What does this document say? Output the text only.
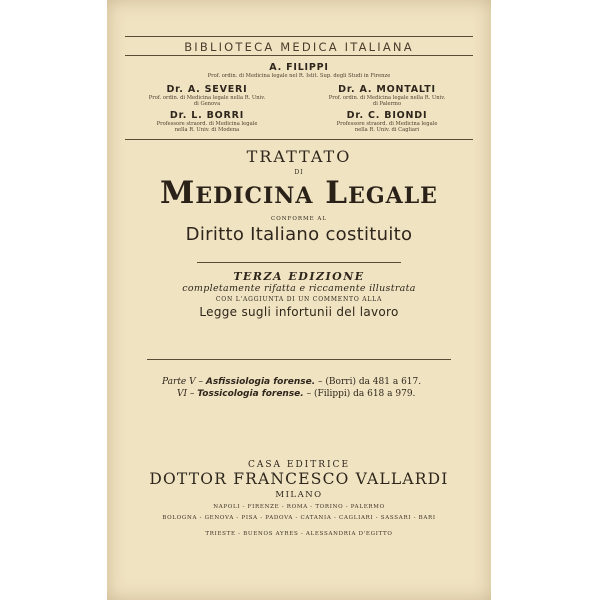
BIBLIOTECA MEDICA ITALIANA
A. FILIPPI
Prof. ordin. di Medicina legale nel R. Istit. Sup. degli Studi in Firenze
Dr. A. SEVERI
Prof. ordin. di Medicina legale nella R. Univ.
di Genova
Dr. A. MONTALTI
Prof. ordin. di Medicina legale nella R. Univ.
di Palermo
Dr. L. BORRI
Professore straord. di Medicina legale
nella R. Univ. di Modena
Dr. C. BIONDI
Professore straord. di Medicina legale
nella R. Univ. di Cagliari
TRATTATO
DI
Medicina Legale
CONFORME AL
Diritto Italiano costituito
TERZA EDIZIONE
completamente rifatta e riccamente illustrata
CON L'AGGIUNTA DI UN COMMENTO ALLA
Legge sugli infortunii del lavoro
Parte V – Asfissiologia forense. – (Borri) da 481 a 617.
VI – Tossicologia forense. – (Filippi) da 618 a 979.
CASA EDITRICE
DOTTOR FRANCESCO VALLARDI
MILANO
NAPOLI - FIRENZE - ROMA - TORINO - PALERMO
BOLOGNA - GENOVA - PISA - PADOVA - CATANIA - CAGLIARI - SASSARI - BARI
TRIESTE - BUENOS AYRES - ALESSANDRIA D'EGITTO
